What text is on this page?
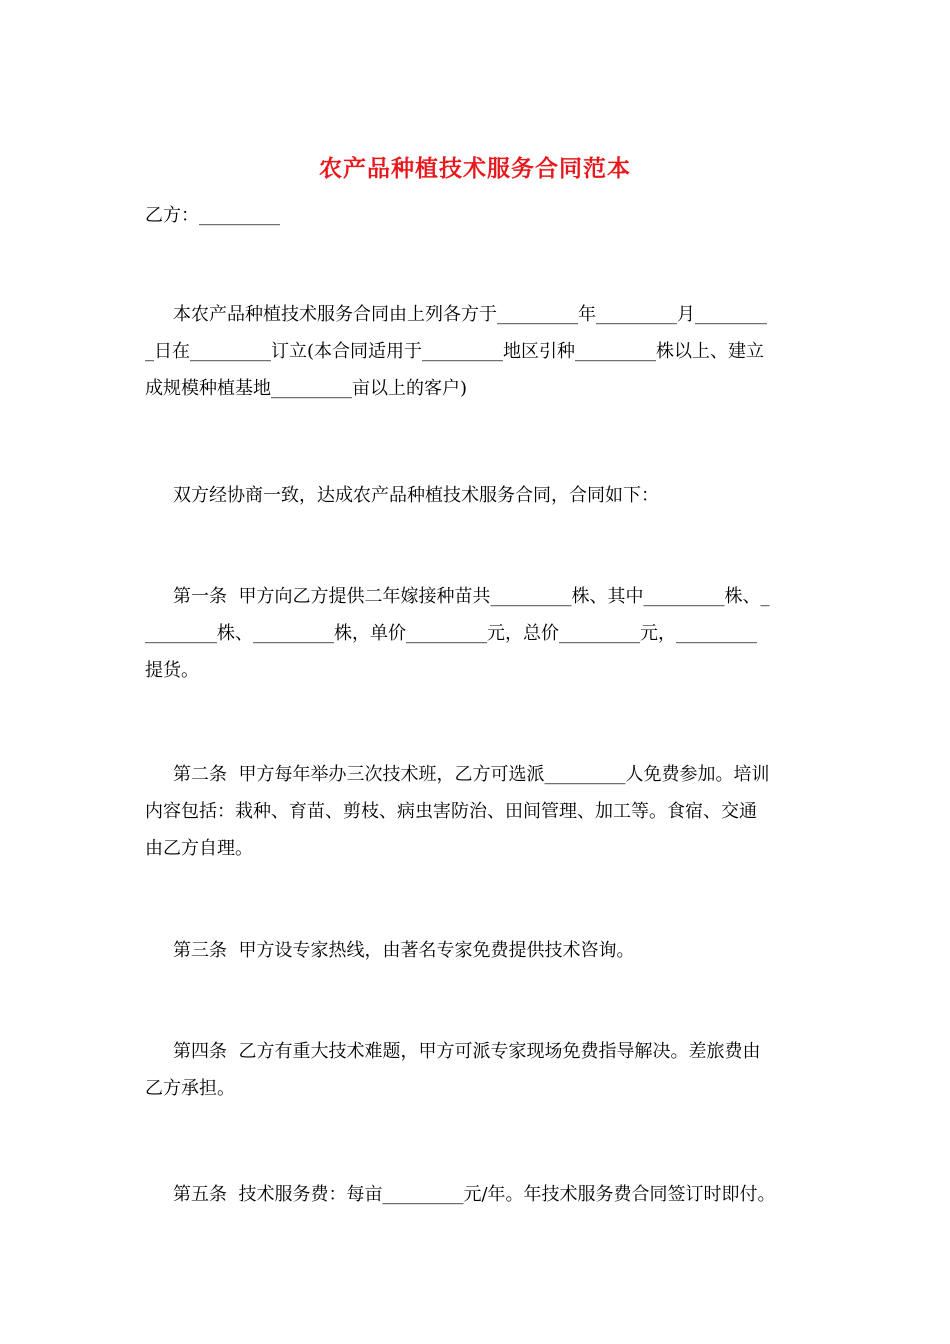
农产品种植技术服务合同范本
乙方：_________
本农产品种植技术服务合同由上列各方于_________年_________月________
_日在_________订立(本合同适用于_________地区引种_________株以上、建立
成规模种植基地_________亩以上的客户)
双方经协商一致，达成农产品种植技术服务合同，合同如下：
第一条  甲方向乙方提供二年嫁接种苗共_________株、其中_________株、_
________株、_________株，单价_________元，总价_________元，_________
提货。
第二条  甲方每年举办三次技术班，乙方可选派_________人免费参加。培训
内容包括：栽种、育苗、剪枝、病虫害防治、田间管理、加工等。食宿、交通
由乙方自理。
第三条  甲方设专家热线，由著名专家免费提供技术咨询。
第四条  乙方有重大技术难题，甲方可派专家现场免费指导解决。差旅费由
乙方承担。
第五条  技术服务费：每亩_________元/年。年技术服务费合同签订时即付。
